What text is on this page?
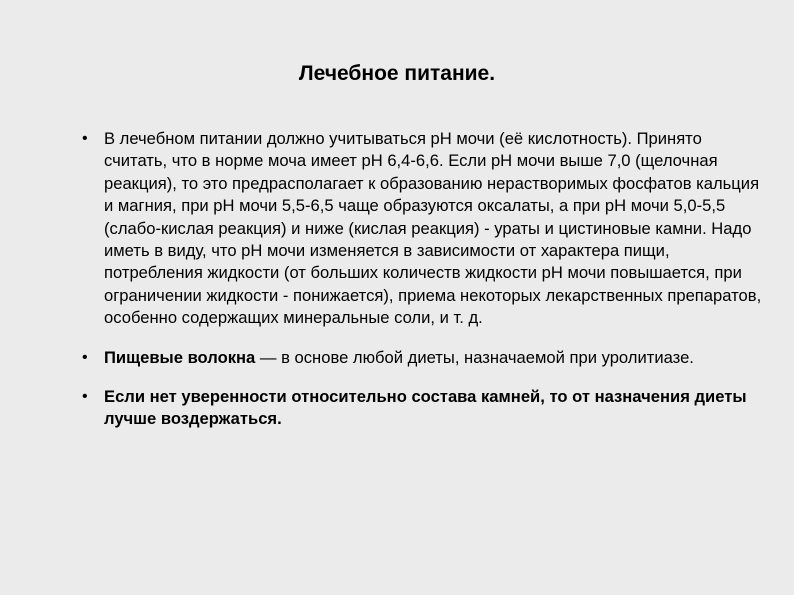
Лечебное питание.
• В лечебном питании должно учитываться рН мочи (её кислотность). Принято считать, что в норме моча имеет рН 6,4-6,6. Если рН мочи выше 7,0 (щелочная реакция), то это предрасполагает к образованию нерастворимых фосфатов кальция и магния, при рН мочи 5,5-6,5 чаще образуются оксалаты, а при рН мочи 5,0-5,5 (слабо-кислая реакция) и ниже (кислая реакция) - ураты и цистиновые камни. Надо иметь в виду, что рН мочи изменяется в зависимости от характера пищи, потребления жидкости (от больших количеств жидкости рН мочи повышается, при ограничении жидкости - понижается), приема некоторых лекарственных препаратов, особенно содержащих минеральные соли, и т. д.
• Пищевые волокна — в основе любой диеты, назначаемой при уролитиазе.
• Если нет уверенности относительно состава камней, то от назначения диеты лучше воздержаться.
